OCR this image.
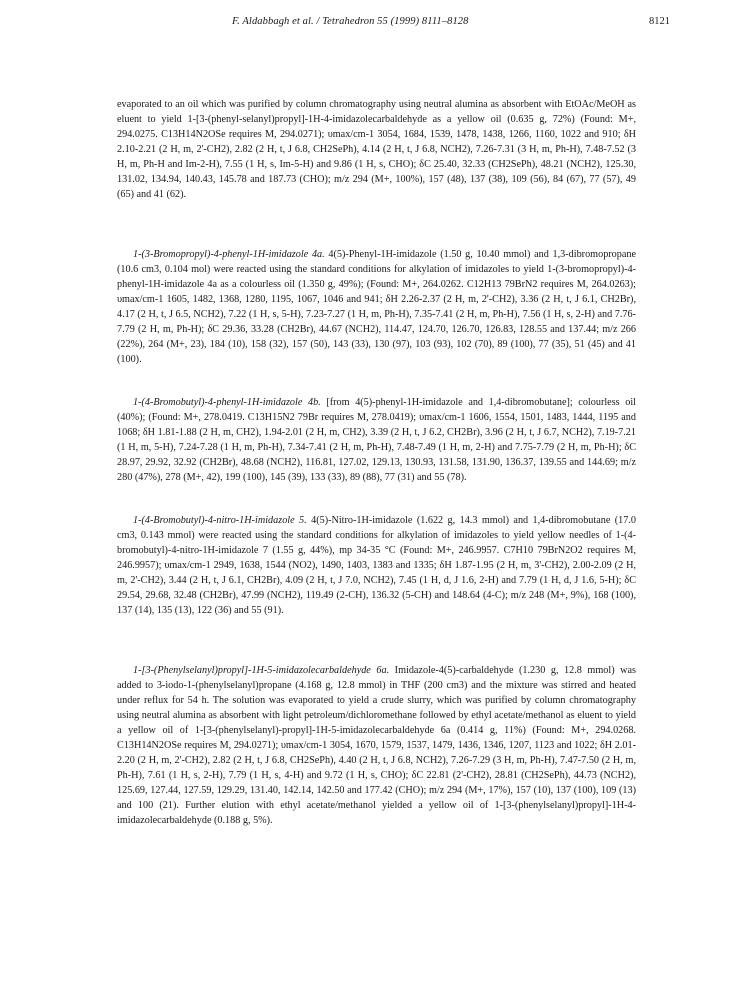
F. Aldabbagh et al. / Tetrahedron 55 (1999) 8111–8128	8121

evaporated to an oil which was purified by column chromatography using neutral alumina as absorbent with EtOAc/MeOH as eluent to yield 1-[3-(phenyl-selanyl)propyl]-1H-4-imidazolecarbaldehyde as a yellow oil (0.635 g, 72%) (Found: M+, 294.0275. C13H14N2OSe requires M, 294.0271); υmax/cm-1 3054, 1684, 1539, 1478, 1438, 1266, 1160, 1022 and 910; δH 2.10-2.21 (2 H, m, 2'-CH2), 2.82 (2 H, t, J 6.8, CH2SePh), 4.14 (2 H, t, J 6.8, NCH2), 7.26-7.31 (3 H, m, Ph-H), 7.48-7.52 (3 H, m, Ph-H and Im-2-H), 7.55 (1 H, s, Im-5-H) and 9.86 (1 H, s, CHO); δC 25.40, 32.33 (CH2SePh), 48.21 (NCH2), 125.30, 131.02, 134.94, 140.43, 145.78 and 187.73 (CHO); m/z 294 (M+, 100%), 157 (48), 137 (38), 109 (56), 84 (67), 77 (57), 49 (65) and 41 (62).

1-(3-Bromopropyl)-4-phenyl-1H-imidazole 4a. 4(5)-Phenyl-1H-imidazole (1.50 g, 10.40 mmol) and 1,3-dibromopropane (10.6 cm3, 0.104 mol) were reacted using the standard conditions for alkylation of imidazoles to yield 1-(3-bromopropyl)-4-phenyl-1H-imidazole 4a as a colourless oil (1.350 g, 49%); (Found: M+, 264.0262. C12H13 79BrN2 requires M, 264.0263); υmax/cm-1 1605, 1482, 1368, 1280, 1195, 1067, 1046 and 941; δH 2.26-2.37 (2 H, m, 2'-CH2), 3.36 (2 H, t, J 6.1, CH2Br), 4.17 (2 H, t, J 6.5, NCH2), 7.22 (1 H, s, 5-H), 7.23-7.27 (1 H, m, Ph-H), 7.35-7.41 (2 H, m, Ph-H), 7.56 (1 H, s, 2-H) and 7.76-7.79 (2 H, m, Ph-H); δC 29.36, 33.28 (CH2Br), 44.67 (NCH2), 114.47, 124.70, 126.70, 126.83, 128.55 and 137.44; m/z 266 (22%), 264 (M+, 23), 184 (10), 158 (32), 157 (50), 143 (33), 130 (97), 103 (93), 102 (70), 89 (100), 77 (35), 51 (45) and 41 (100).

1-(4-Bromobutyl)-4-phenyl-1H-imidazole 4b. [from 4(5)-phenyl-1H-imidazole and 1,4-dibromobutane]; colourless oil (40%); (Found: M+, 278.0419. C13H15N2 79Br requires M, 278.0419); υmax/cm-1 1606, 1554, 1501, 1483, 1444, 1195 and 1068; δH 1.81-1.88 (2 H, m, CH2), 1.94-2.01 (2 H, m, CH2), 3.39 (2 H, t, J 6.2, CH2Br), 3.96 (2 H, t, J 6.7, NCH2), 7.19-7.21 (1 H, m, 5-H), 7.24-7.28 (1 H, m, Ph-H), 7.34-7.41 (2 H, m, Ph-H), 7.48-7.49 (1 H, m, 2-H) and 7.75-7.79 (2 H, m, Ph-H); δC 28.97, 29.92, 32.92 (CH2Br), 48.68 (NCH2), 116.81, 127.02, 129.13, 130.93, 131.58, 131.90, 136.37, 139.55 and 144.69; m/z 280 (47%), 278 (M+, 42), 199 (100), 145 (39), 133 (33), 89 (88), 77 (31) and 55 (78).

1-(4-Bromobutyl)-4-nitro-1H-imidazole 5. 4(5)-Nitro-1H-imidazole (1.622 g, 14.3 mmol) and 1,4-dibromobutane (17.0 cm3, 0.143 mmol) were reacted using the standard conditions for alkylation of imidazoles to yield yellow needles of 1-(4-bromobutyl)-4-nitro-1H-imidazole 7 (1.55 g, 44%), mp 34-35 °C (Found: M+, 246.9957. C7H10 79BrN2O2 requires M, 246.9957); υmax/cm-1 2949, 1638, 1544 (NO2), 1490, 1403, 1383 and 1335; δH 1.87-1.95 (2 H, m, 3'-CH2), 2.00-2.09 (2 H, m, 2'-CH2), 3.44 (2 H, t, J 6.1, CH2Br), 4.09 (2 H, t, J 7.0, NCH2), 7.45 (1 H, d, J 1.6, 2-H) and 7.79 (1 H, d, J 1.6, 5-H); δC 29.54, 29.68, 32.48 (CH2Br), 47.99 (NCH2), 119.49 (2-CH), 136.32 (5-CH) and 148.64 (4-C); m/z 248 (M+, 9%), 168 (100), 137 (14), 135 (13), 122 (36) and 55 (91).

1-[3-(Phenylselanyl)propyl]-1H-5-imidazolecarbaldehyde 6a. Imidazole-4(5)-carbaldehyde (1.230 g, 12.8 mmol) was added to 3-iodo-1-(phenylselanyl)propane (4.168 g, 12.8 mmol) in THF (200 cm3) and the mixture was stirred and heated under reflux for 54 h. The solution was evaporated to yield a crude slurry, which was purified by column chromatography using neutral alumina as absorbent with light petroleum/dichloromethane followed by ethyl acetate/methanol as eluent to yield a yellow oil of 1-[3-(phenylselanyl)-propyl]-1H-5-imidazolecarbaldehyde 6a (0.414 g, 11%) (Found: M+, 294.0268. C13H14N2OSe requires M, 294.0271); υmax/cm-1 3054, 1670, 1579, 1537, 1479, 1436, 1346, 1207, 1123 and 1022; δH 2.01-2.20 (2 H, m, 2'-CH2), 2.82 (2 H, t, J 6.8, CH2SePh), 4.40 (2 H, t, J 6.8, NCH2), 7.26-7.29 (3 H, m, Ph-H), 7.47-7.50 (2 H, m, Ph-H), 7.61 (1 H, s, 2-H), 7.79 (1 H, s, 4-H) and 9.72 (1 H, s, CHO); δC 22.81 (2'-CH2), 28.81 (CH2SePh), 44.73 (NCH2), 125.69, 127.44, 127.59, 129.29, 131.40, 142.14, 142.50 and 177.42 (CHO); m/z 294 (M+, 17%), 157 (10), 137 (100), 109 (13) and 100 (21). Further elution with ethyl acetate/methanol yielded a yellow oil of 1-[3-(phenylselanyl)propyl]-1H-4-imidazolecarbaldehyde (0.188 g, 5%).
